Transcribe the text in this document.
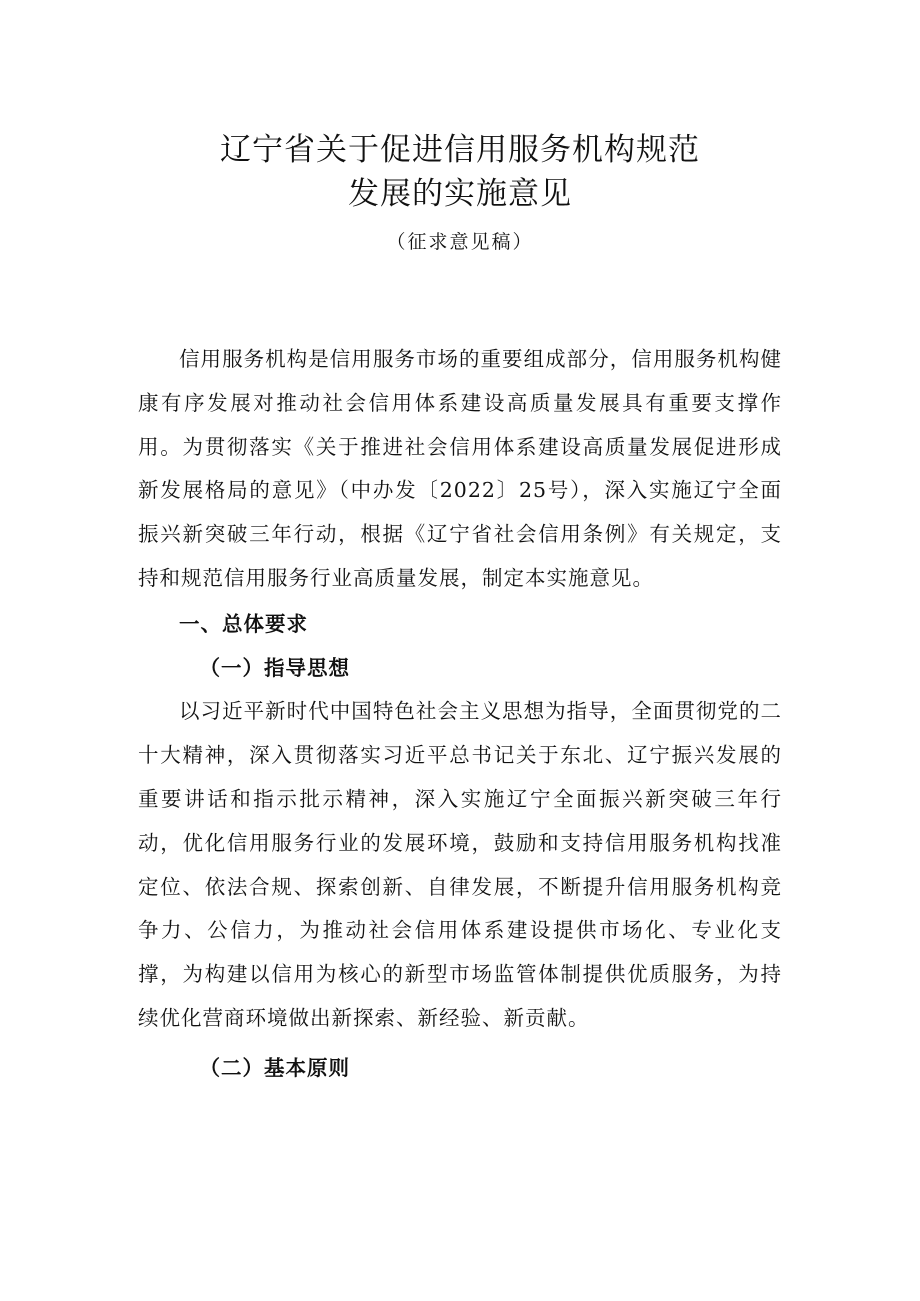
辽宁省关于促进信用服务机构规范
发展的实施意见
（征求意见稿）

信用服务机构是信用服务市场的重要组成部分，信用服务机构健康有序发展对推动社会信用体系建设高质量发展具有重要支撑作用。为贯彻落实《关于推进社会信用体系建设高质量发展促进形成新发展格局的意见》（中办发〔2022〕25号），深入实施辽宁全面振兴新突破三年行动，根据《辽宁省社会信用条例》有关规定，支持和规范信用服务行业高质量发展，制定本实施意见。

一、总体要求

（一）指导思想

以习近平新时代中国特色社会主义思想为指导，全面贯彻党的二十大精神，深入贯彻落实习近平总书记关于东北、辽宁振兴发展的重要讲话和指示批示精神，深入实施辽宁全面振兴新突破三年行动，优化信用服务行业的发展环境，鼓励和支持信用服务机构找准定位、依法合规、探索创新、自律发展，不断提升信用服务机构竞争力、公信力，为推动社会信用体系建设提供市场化、专业化支撑，为构建以信用为核心的新型市场监管体制提供优质服务，为持续优化营商环境做出新探索、新经验、新贡献。

（二）基本原则
